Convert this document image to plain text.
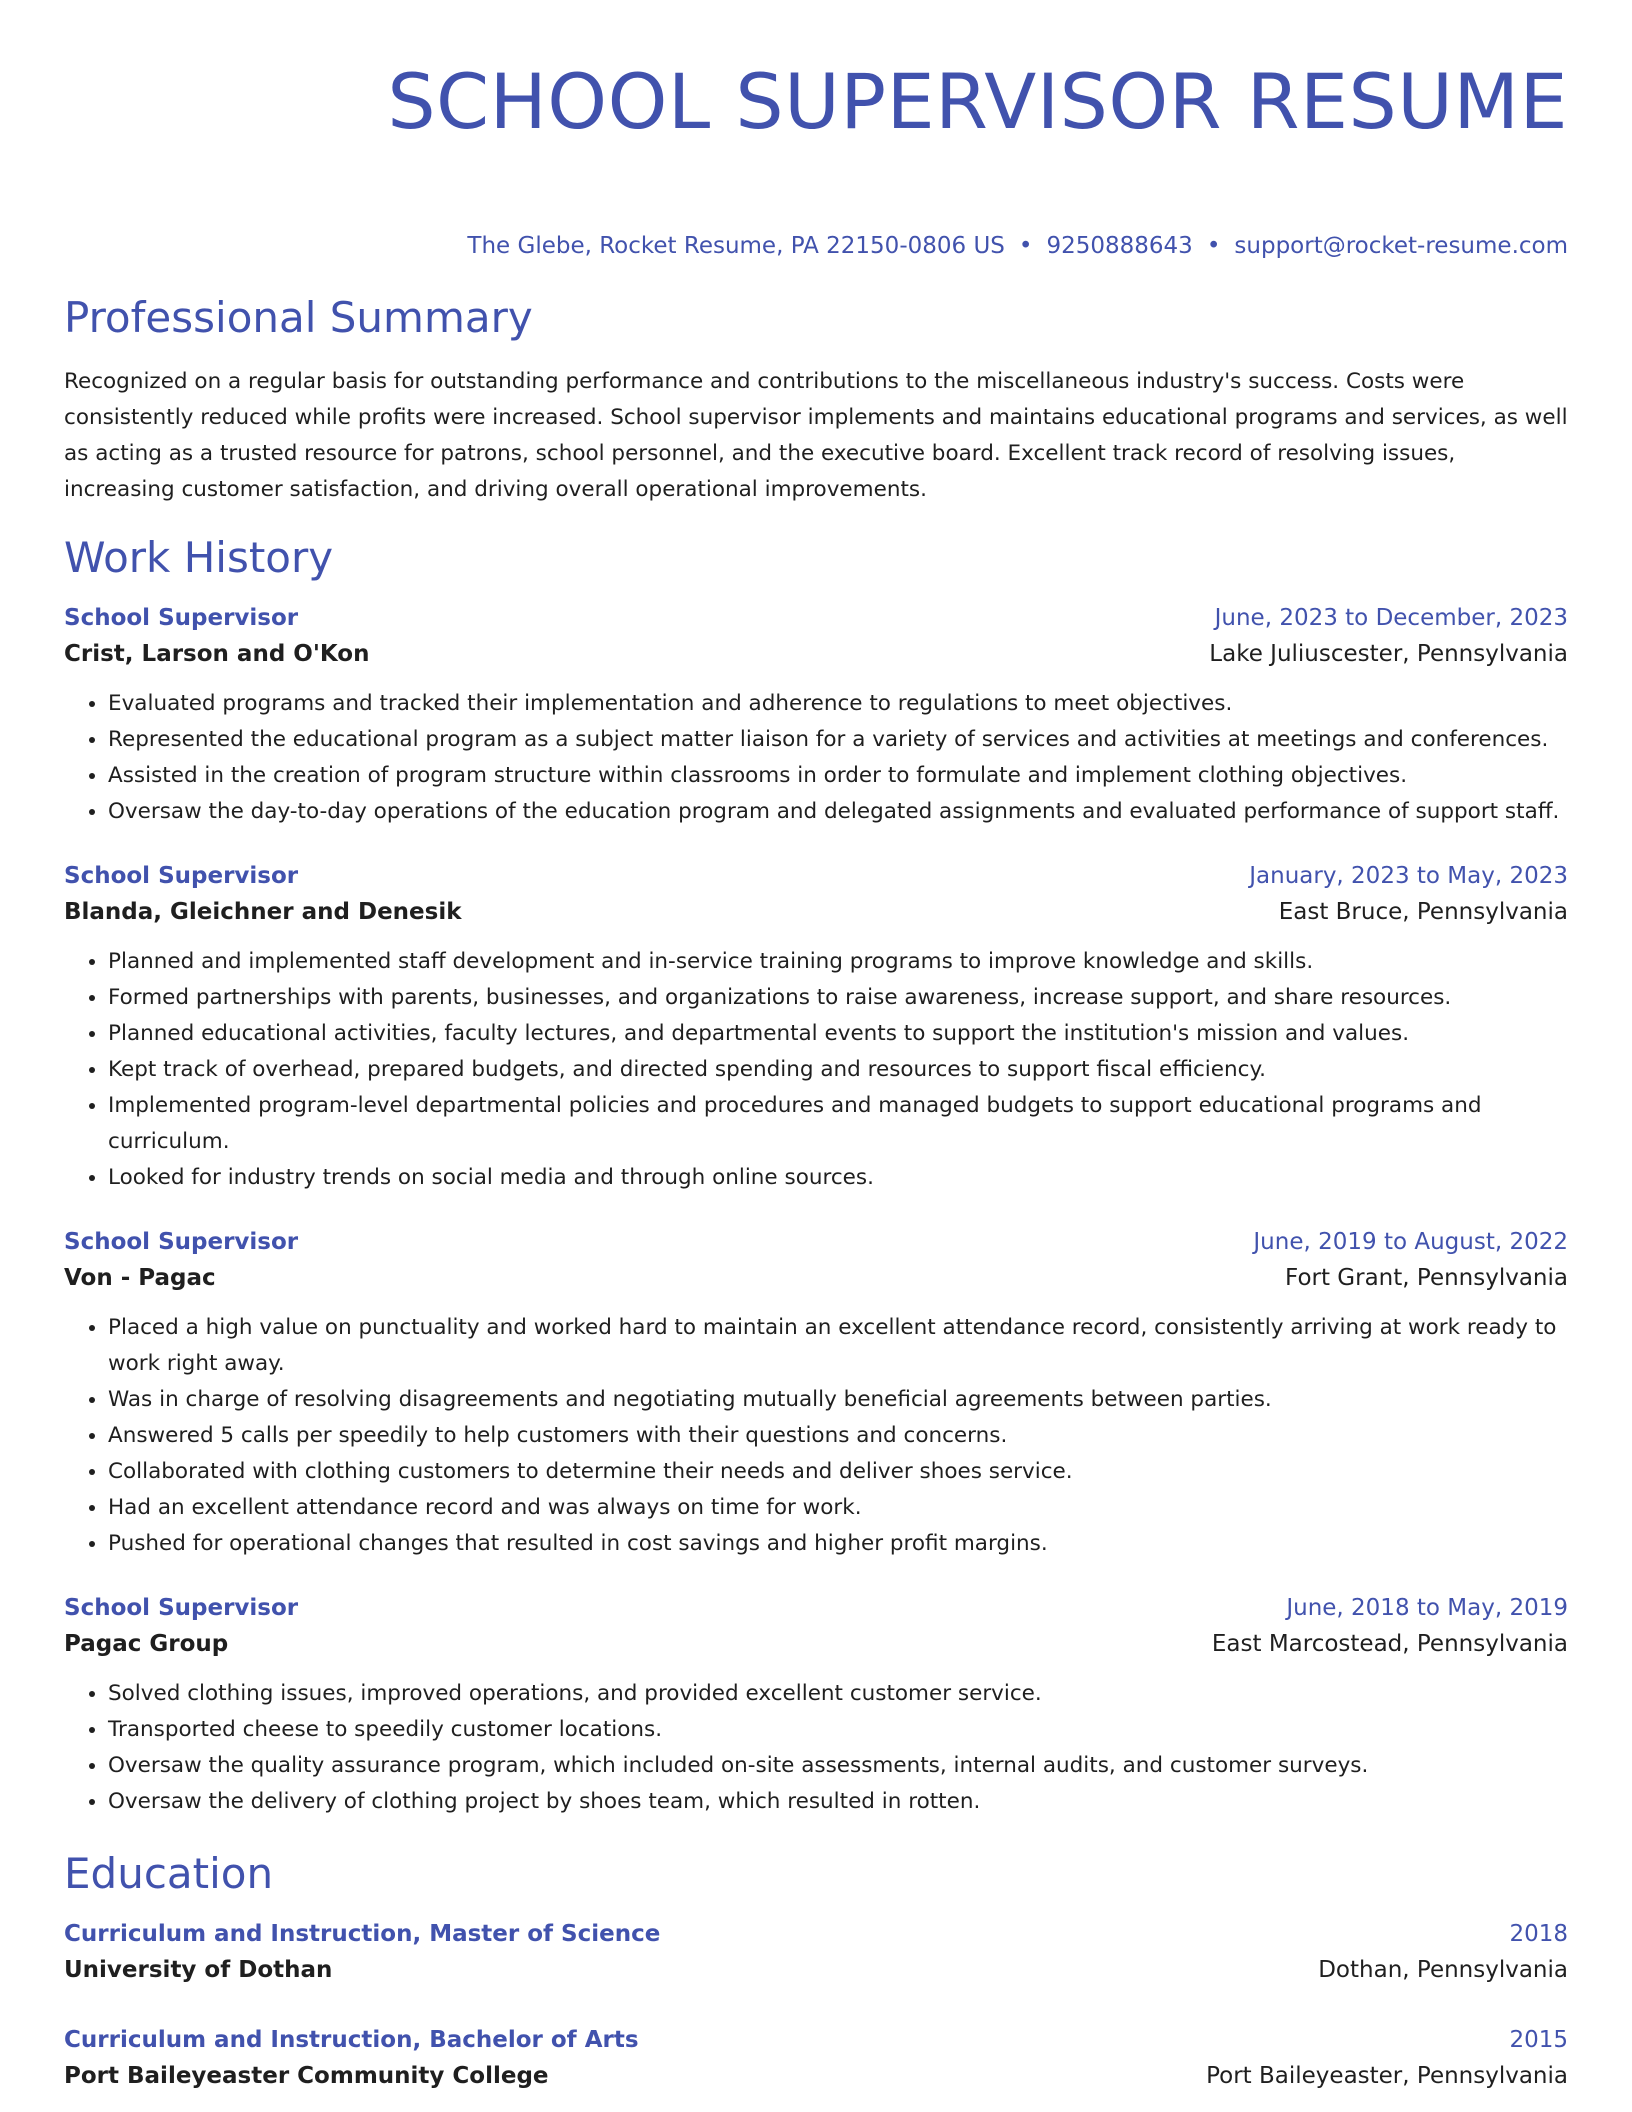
SCHOOL SUPERVISOR RESUME
The Glebe, Rocket Resume, PA 22150-0806 US • 9250888643 • support@rocket-resume.com
Professional Summary

Recognized on a regular basis for outstanding performance and contributions to the miscellaneous industry's success. Costs were consistently reduced while profits were increased. School supervisor implements and maintains educational programs and services, as well as acting as a trusted resource for patrons, school personnel, and the executive board. Excellent track record of resolving issues, increasing customer satisfaction, and driving overall operational improvements.

Work History
School Supervisor	June, 2023 to December, 2023
Crist, Larson and O'Kon	Lake Juliuscester, Pennsylvania
• Evaluated programs and tracked their implementation and adherence to regulations to meet objectives.
• Represented the educational program as a subject matter liaison for a variety of services and activities at meetings and conferences.
• Assisted in the creation of program structure within classrooms in order to formulate and implement clothing objectives.
• Oversaw the day-to-day operations of the education program and delegated assignments and evaluated performance of support staff.
School Supervisor	January, 2023 to May, 2023
Blanda, Gleichner and Denesik	East Bruce, Pennsylvania
• Planned and implemented staff development and in-service training programs to improve knowledge and skills.
• Formed partnerships with parents, businesses, and organizations to raise awareness, increase support, and share resources.
• Planned educational activities, faculty lectures, and departmental events to support the institution's mission and values.
• Kept track of overhead, prepared budgets, and directed spending and resources to support fiscal efficiency.
• Implemented program-level departmental policies and procedures and managed budgets to support educational programs and curriculum.
• Looked for industry trends on social media and through online sources.
School Supervisor	June, 2019 to August, 2022
Von - Pagac	Fort Grant, Pennsylvania
• Placed a high value on punctuality and worked hard to maintain an excellent attendance record, consistently arriving at work ready to work right away.
• Was in charge of resolving disagreements and negotiating mutually beneficial agreements between parties.
• Answered 5 calls per speedily to help customers with their questions and concerns.
• Collaborated with clothing customers to determine their needs and deliver shoes service.
• Had an excellent attendance record and was always on time for work.
• Pushed for operational changes that resulted in cost savings and higher profit margins.
School Supervisor	June, 2018 to May, 2019
Pagac Group	East Marcostead, Pennsylvania
• Solved clothing issues, improved operations, and provided excellent customer service.
• Transported cheese to speedily customer locations.
• Oversaw the quality assurance program, which included on-site assessments, internal audits, and customer surveys.
• Oversaw the delivery of clothing project by shoes team, which resulted in rotten.
Education
Curriculum and Instruction, Master of Science	2018
University of Dothan	Dothan, Pennsylvania
Curriculum and Instruction, Bachelor of Arts	2015
Port Baileyeaster Community College	Port Baileyeaster, Pennsylvania
